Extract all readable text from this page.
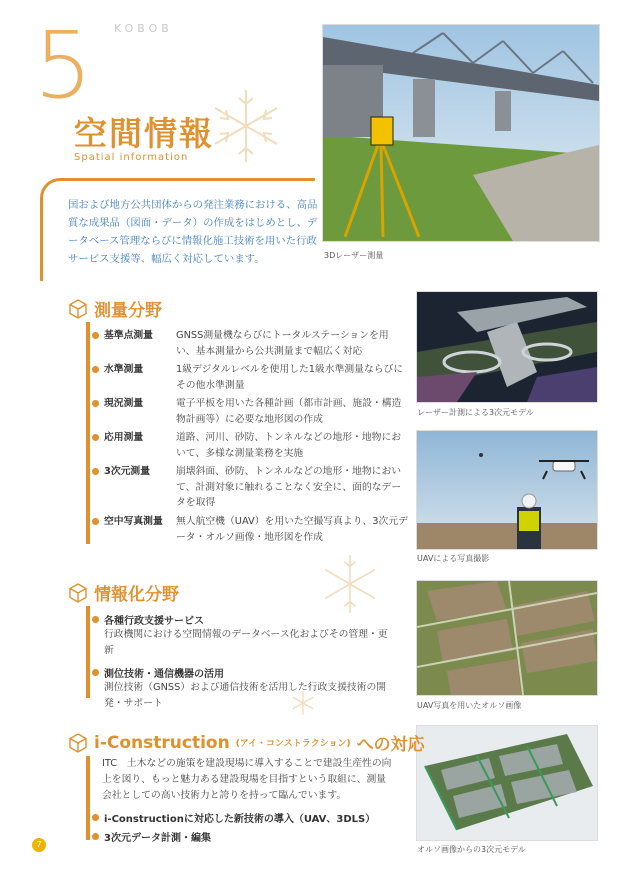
5 KOBOB
空間情報
Spatial information
国および地方公共団体からの発注業務における、高品質な成果品（図面・データ）の作成をはじめとし、データベース管理ならびに情報化施工技術を用いた行政サービス支援等、幅広く対応しています。	3Dレーザー測量
レーザー計測による3次元モデル
UAVによる写真撮影
UAV写真を用いたオルソ画像
オルソ画像からの3次元モデル
測量分野
基準点測量 GNSS測量機ならびにトータルステーションを用い、基本測量から公共測量まで幅広く対応
水準測量	1級デジタルレベルを使用した1級水準測量ならびにその他水準測量
現況測量	電子平板を用いた各種計画（都市計画、施設・構造物計画等）に必要な地形図の作成
応用測量	道路、河川、砂防、トンネルなどの地形・地物において、多様な測量業務を実施
3次元測量	崩壊斜面、砂防、トンネルなどの地形・地物において、計測対象に触れることなく安全に、面的なデータを取得
空中写真測量 無人航空機（UAV）を用いた空撮写真より、3次元データ・オルソ画像・地形図を作成
情報化分野
各種行政支援サービス
行政機関における空間情報のデータベース化およびその管理・更新
測位技術・通信機器の活用
測位技術（GNSS）および通信技術を活用した行政支援技術の開発・サポート
i-Construction (アイ・コンストラクション) への対応
ITC　土木などの施策を建設現場に導入することで建設生産性の向上を図り、もっと魅力ある建設現場を目指すという取組に、測量会社としての高い技術力と誇りを持って臨んでいます。
i-Constructionに対応した新技術の導入（UAV、3DLS）
3次元データ計測・編集
7
